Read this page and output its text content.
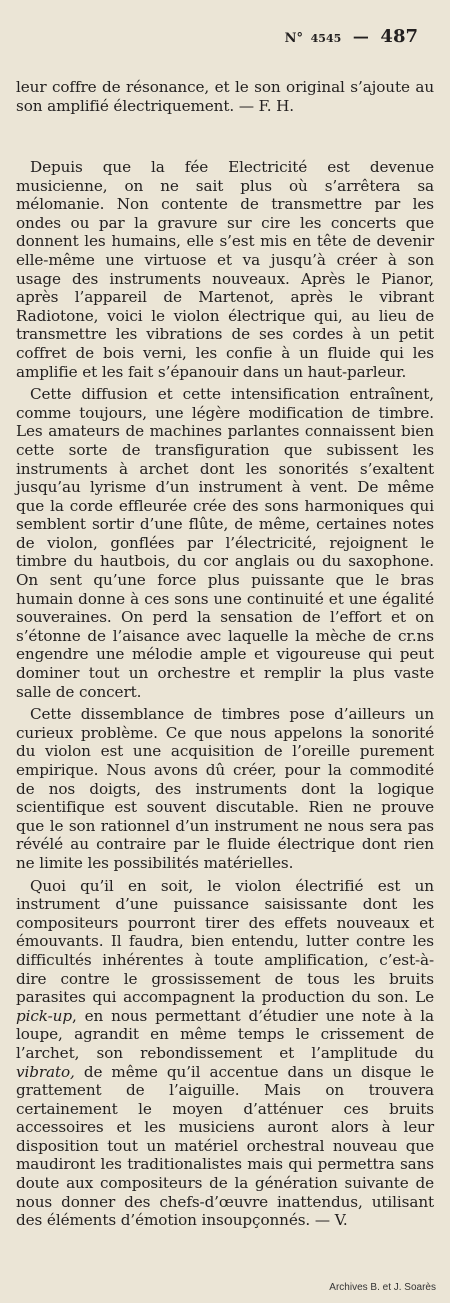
N° 4545 — 487

leur coffre de résonance, et le son original s’ajoute au son amplifié électriquement. — F. H.

Depuis que la fée Electricité est devenue musicienne, on ne sait plus où s’arrêtera sa mélomanie. Non contente de transmettre par les ondes ou par la gravure sur cire les concerts que donnent les humains, elle s’est mis en tête de devenir elle-même une virtuose et va jusqu’à créer à son usage des instruments nouveaux. Après le Pianor, après l’appareil de Martenot, après le vibrant Radiotone, voici le violon électrique qui, au lieu de transmettre les vibrations de ses cordes à un petit coffret de bois verni, les confie à un fluide qui les amplifie et les fait s’épanouir dans un haut-parleur.

Cette diffusion et cette intensification entraînent, comme toujours, une légère modification de timbre. Les amateurs de machines parlantes connaissent bien cette sorte de transfiguration que subissent les instruments à archet dont les sonorités s’exaltent jusqu’au lyrisme d’un instrument à vent. De même que la corde effleurée crée des sons harmoniques qui semblent sortir d’une flûte, de même, certaines notes de violon, gonflées par l’électricité, rejoignent le timbre du hautbois, du cor anglais ou du saxophone. On sent qu’une force plus puissante que le bras humain donne à ces sons une continuité et une égalité souveraines. On perd la sensation de l’effort et on s’étonne de l’aisance avec laquelle la mèche de cr.ns engendre une mélodie ample et vigoureuse qui peut dominer tout un orchestre et remplir la plus vaste salle de concert.

Cette dissemblance de timbres pose d’ailleurs un curieux problème. Ce que nous appelons la sonorité du violon est une acquisition de l’oreille purement empirique. Nous avons dû créer, pour la commodité de nos doigts, des instruments dont la logique scientifique est souvent discutable. Rien ne prouve que le son rationnel d’un instrument ne nous sera pas révélé au contraire par le fluide électrique dont rien ne limite les possibilités matérielles.

Quoi qu’il en soit, le violon électrifié est un instrument d’une puissance saisissante dont les compositeurs pourront tirer des effets nouveaux et émouvants. Il faudra, bien entendu, lutter contre les difficultés inhérentes à toute amplification, c’est-à-dire contre le grossissement de tous les bruits parasites qui accompagnent la production du son. Le pick-up, en nous permettant d’étudier une note à la loupe, agrandit en même temps le crissement de l’archet, son rebondissement et l’amplitude du vibrato, de même qu’il accentue dans un disque le grattement de l’aiguille. Mais on trouvera certainement le moyen d’atténuer ces bruits accessoires et les musiciens auront alors à leur disposition tout un matériel orchestral nouveau que maudiront les traditionalistes mais qui permettra sans doute aux compositeurs de la génération suivante de nous donner des chefs-d’œuvre inattendus, utilisant des éléments d’émotion insoupçonnés. — V.

Archives B. et J. Soarès
